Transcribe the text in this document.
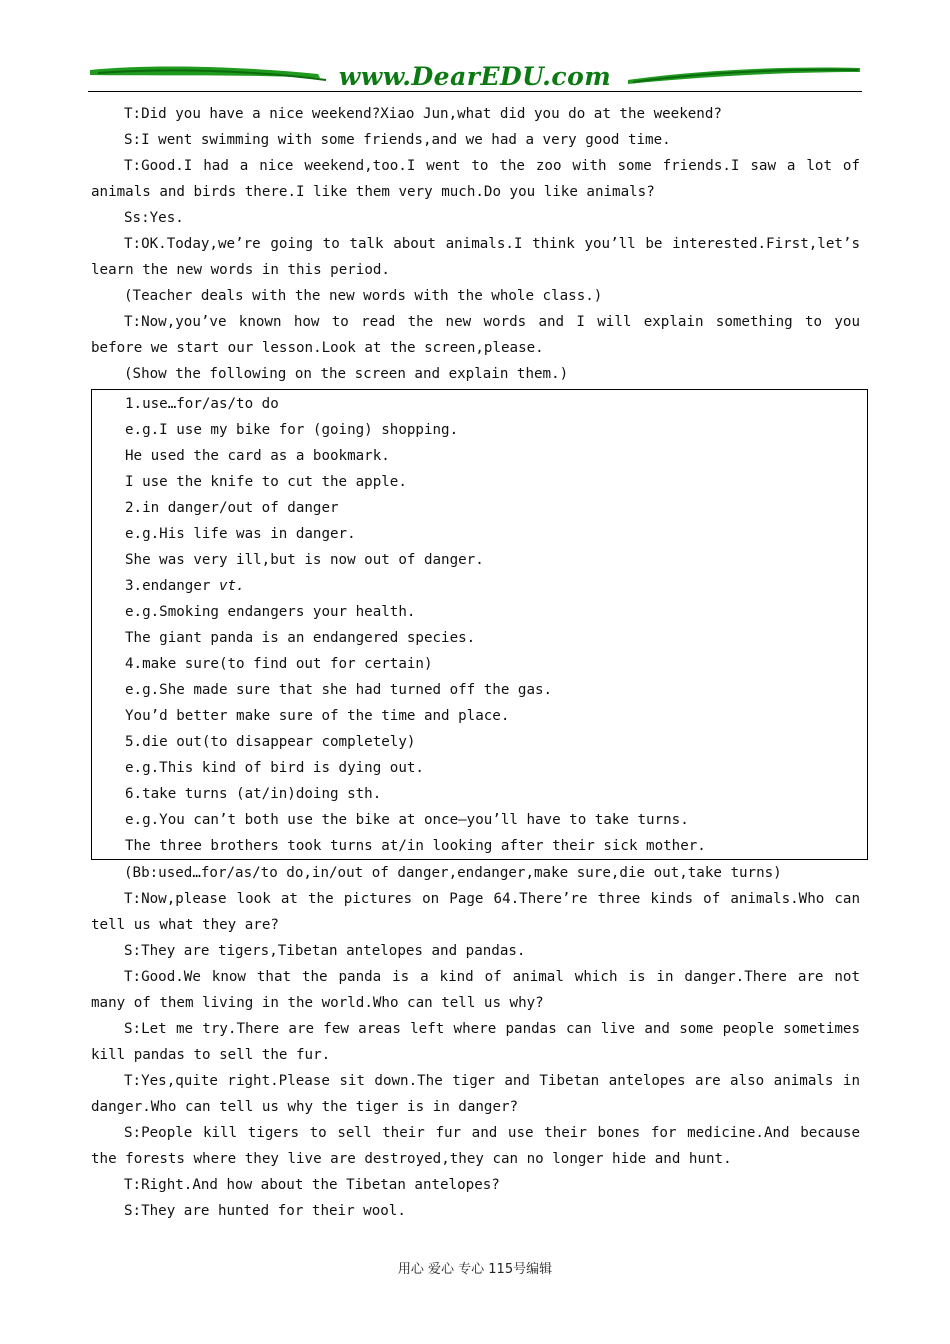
www.DearEDU.com

T:Did you have a nice weekend?Xiao Jun,what did you do at the weekend?

S:I went swimming with some friends,and we had a very good time.

T:Good.I had a nice weekend,too.I went to the zoo with some friends.I saw a lot of animals and birds there.I like them very much.Do you like animals?

Ss:Yes.

T:OK.Today,we’re going to talk about animals.I think you’ll be interested.First,let’s learn the new words in this period.

(Teacher deals with the new words with the whole class.)

T:Now,you’ve known how to read the new words and I will explain something to you before we start our lesson.Look at the screen,please.

(Show the following on the screen and explain them.)

1.use…for/as/to do

e.g.I use my bike for (going) shopping.

He used the card as a bookmark.

I use the knife to cut the apple.

2.in danger/out of danger

e.g.His life was in danger.

She was very ill,but is now out of danger.

3.endanger vt.

e.g.Smoking endangers your health.

The giant panda is an endangered species.

4.make sure(to find out for certain)

e.g.She made sure that she had turned off the gas.

You’d better make sure of the time and place.

5.die out(to disappear completely)

e.g.This kind of bird is dying out.

6.take turns (at/in)doing sth.

e.g.You can’t both use the bike at once—you’ll have to take turns.

The three brothers took turns at/in looking after their sick mother.

(Bb:used…for/as/to do,in/out of danger,endanger,make sure,die out,take turns)

T:Now,please look at the pictures on Page 64.There’re three kinds of animals.Who can tell us what they are?

S:They are tigers,Tibetan antelopes and pandas.

T:Good.We know that the panda is a kind of animal which is in danger.There are not many of them living in the world.Who can tell us why?

S:Let me try.There are few areas left where pandas can live and some people sometimes kill pandas to sell the fur.

T:Yes,quite right.Please sit down.The tiger and Tibetan antelopes are also animals in danger.Who can tell us why the tiger is in danger?

S:People kill tigers to sell their fur and use their bones for medicine.And because the forests where they live are destroyed,they can no longer hide and hunt.

T:Right.And how about the Tibetan antelopes?

S:They are hunted for their wool.

用心 爱心 专心 115号编辑
